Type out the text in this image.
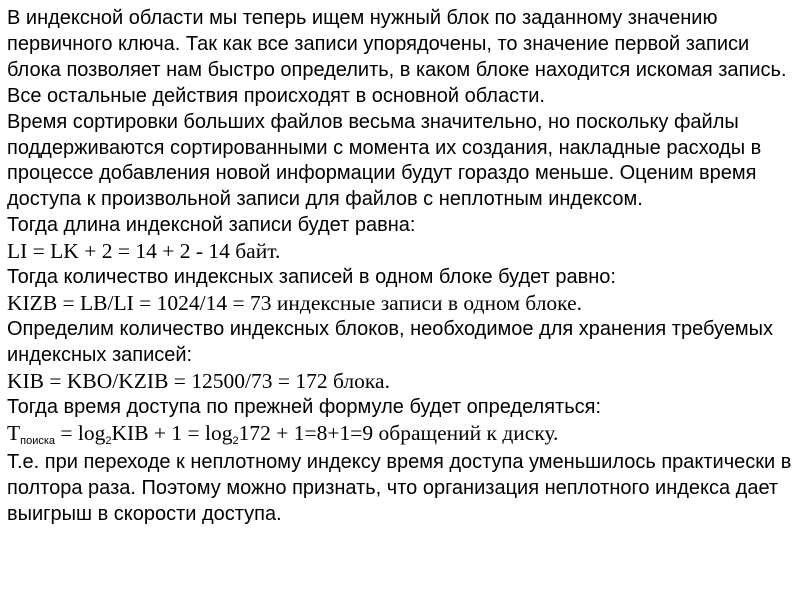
В индексной области мы теперь ищем нужный блок по заданному значению первичного ключа. Так как все записи упорядочены, то значение первой записи блока позволяет нам быстро определить, в каком блоке находится искомая запись. Все остальные действия происходят в основной области.

Время сортировки больших файлов весьма значительно, но поскольку файлы поддерживаются сортированными с момента их создания, накладные расходы в процессе добавления новой информации будут гораздо меньше. Оценим время доступа к произвольной записи для файлов с неплотным индексом.

Тогда длина индексной записи будет равна:

LI = LK + 2 = 14 + 2 - 14 байт.

Тогда количество индексных записей в одном блоке будет равно:

KIZB = LB/LI = 1024/14 = 73 индексные записи в одном блоке.

Определим количество индексных блоков, необходимое для хранения требуемых индексных записей:

KIB = KBO/KZIB = 12500/73 = 172 блока.

Тогда время доступа по прежней формуле будет определяться:

Tпоиска = log2KIB + 1 = log2172 + 1=8+1=9 обращений к диску.

Т.е. при переходе к неплотному индексу время доступа уменьшилось практически в полтора раза. Поэтому можно признать, что организация неплотного индекса дает выигрыш в скорости доступа.
